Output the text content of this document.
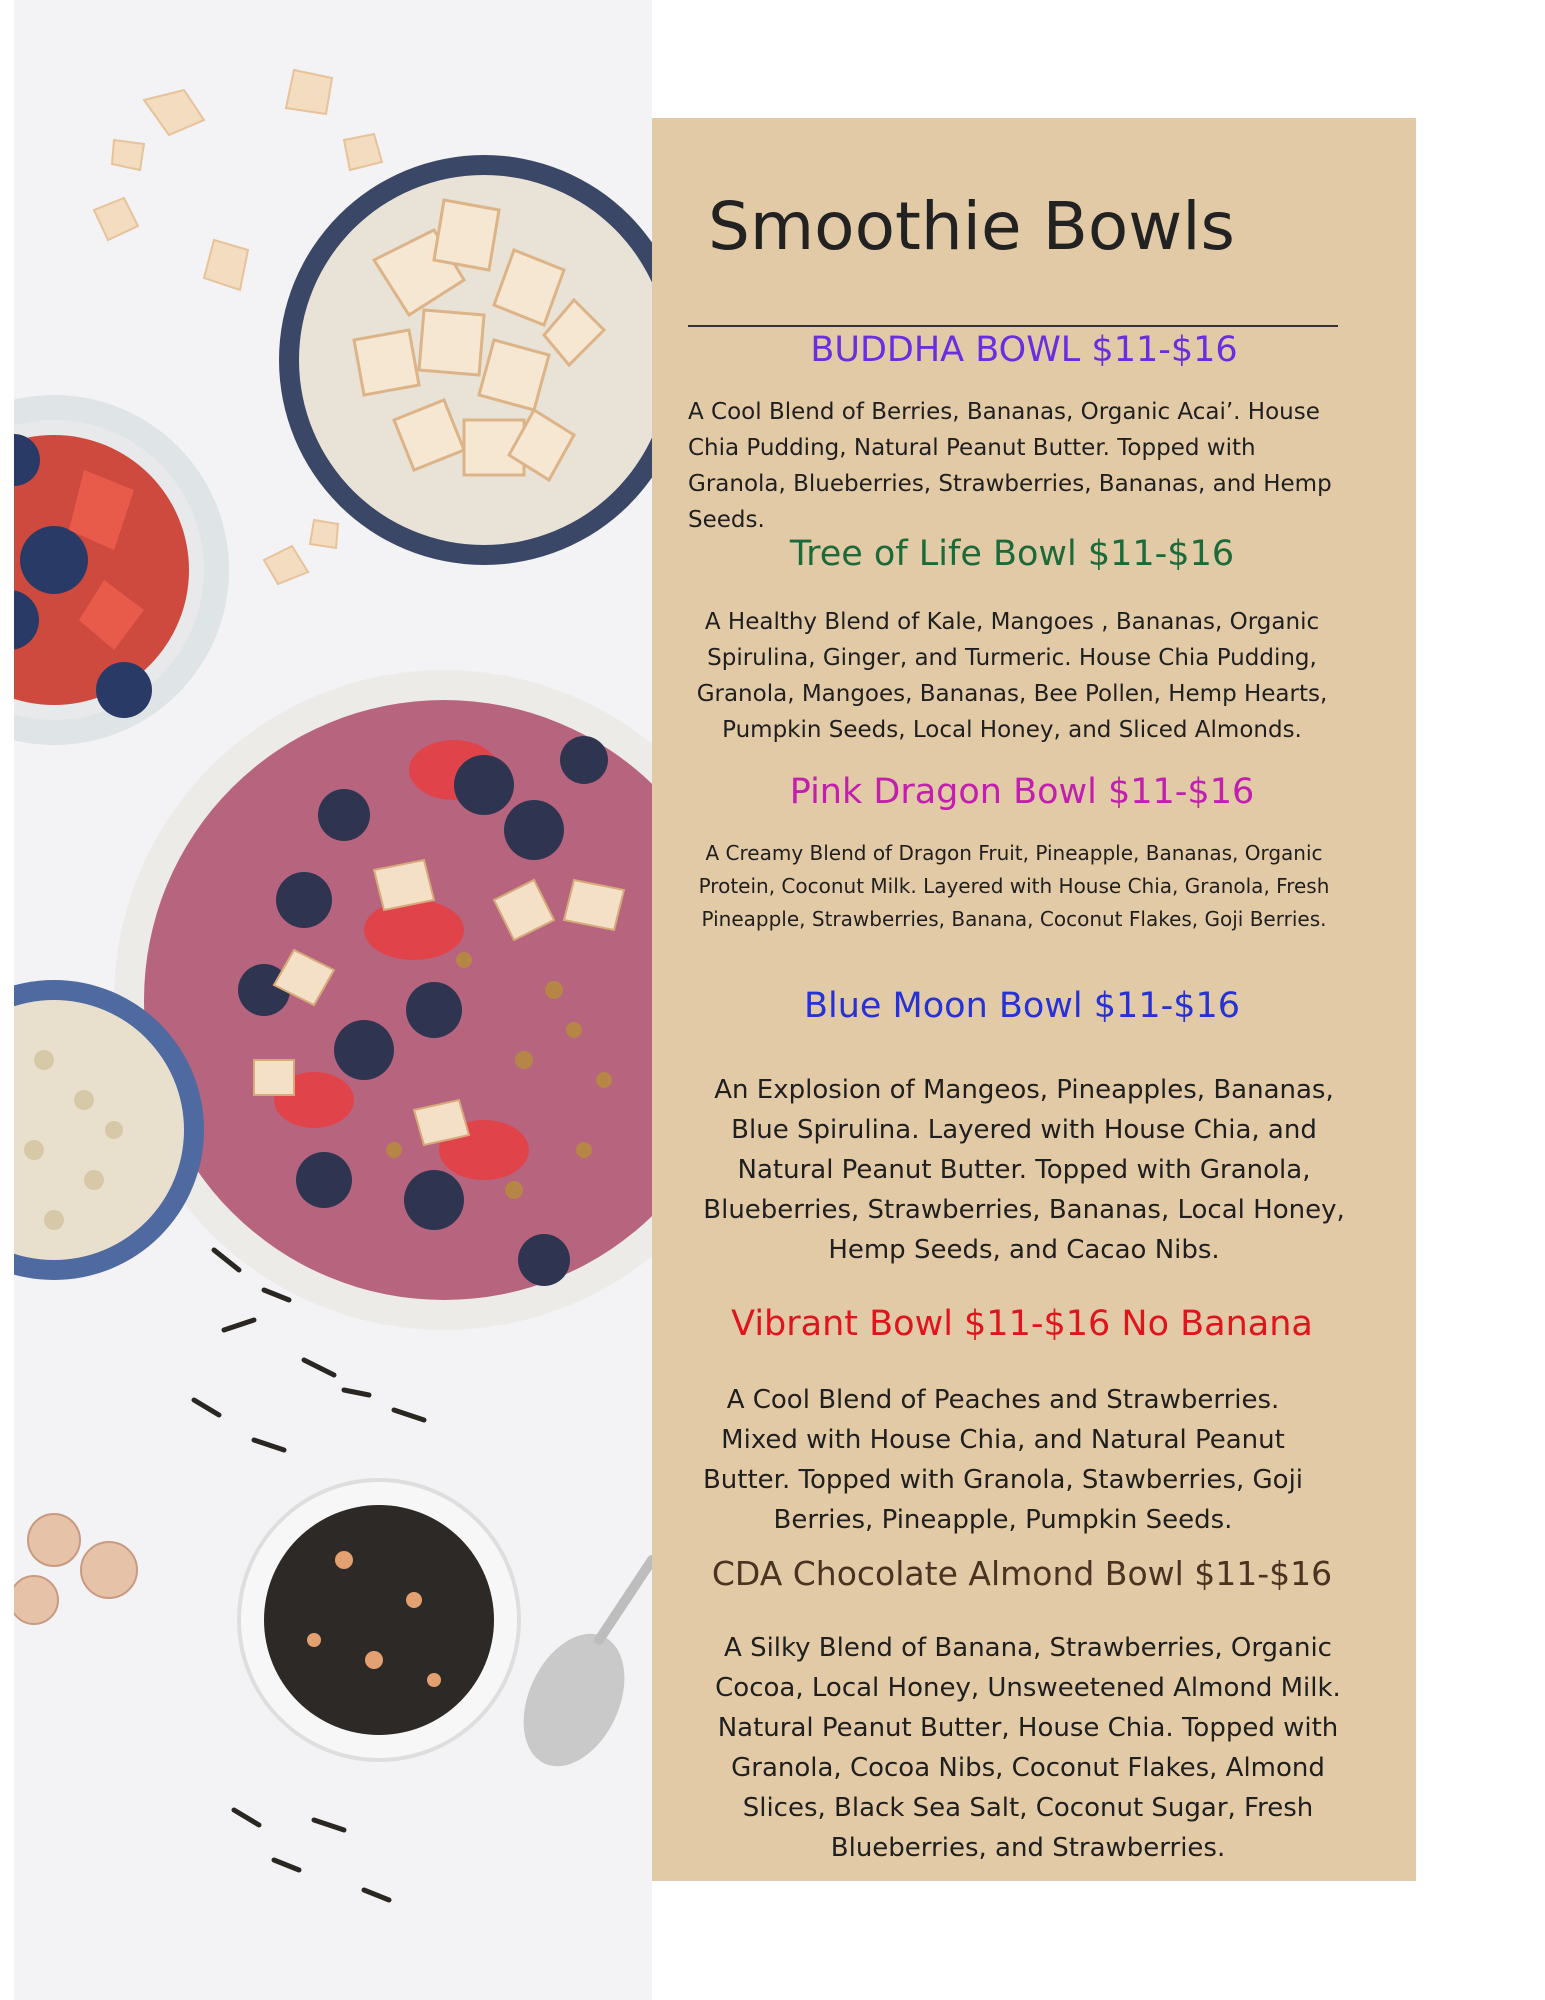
Smoothie Bowls
BUDDHA BOWL $11-$16

A Cool Blend of Berries, Bananas, Organic Acai’. House Chia Pudding, Natural Peanut Butter. Topped with Granola, Blueberries, Strawberries, Bananas, and Hemp Seeds.

Tree of Life Bowl $11-$16

A Healthy Blend of Kale, Mangoes , Bananas, Organic Spirulina, Ginger, and Turmeric. House Chia Pudding, Granola, Mangoes, Bananas, Bee Pollen, Hemp Hearts, Pumpkin Seeds, Local Honey, and Sliced Almonds.

Pink Dragon Bowl $11-$16

A Creamy Blend of Dragon Fruit, Pineapple, Bananas, Organic Protein, Coconut Milk. Layered with House Chia, Granola, Fresh Pineapple, Strawberries, Banana, Coconut Flakes, Goji Berries.

Blue Moon Bowl $11-$16

An Explosion of Mangeos, Pineapples, Bananas, Blue Spirulina. Layered with House Chia, and Natural Peanut Butter. Topped with Granola, Blueberries, Strawberries, Bananas, Local Honey, Hemp Seeds, and Cacao Nibs.

Vibrant Bowl $11-$16 No Banana

A Cool Blend of Peaches and Strawberries. Mixed with House Chia, and Natural Peanut Butter. Topped with Granola, Stawberries, Goji Berries, Pineapple, Pumpkin Seeds.

CDA Chocolate Almond Bowl $11-$16

A Silky Blend of Banana, Strawberries, Organic Cocoa, Local Honey, Unsweetened Almond Milk. Natural Peanut Butter, House Chia. Topped with Granola, Cocoa Nibs, Coconut Flakes, Almond Slices, Black Sea Salt, Coconut Sugar, Fresh Blueberries, and Strawberries.
